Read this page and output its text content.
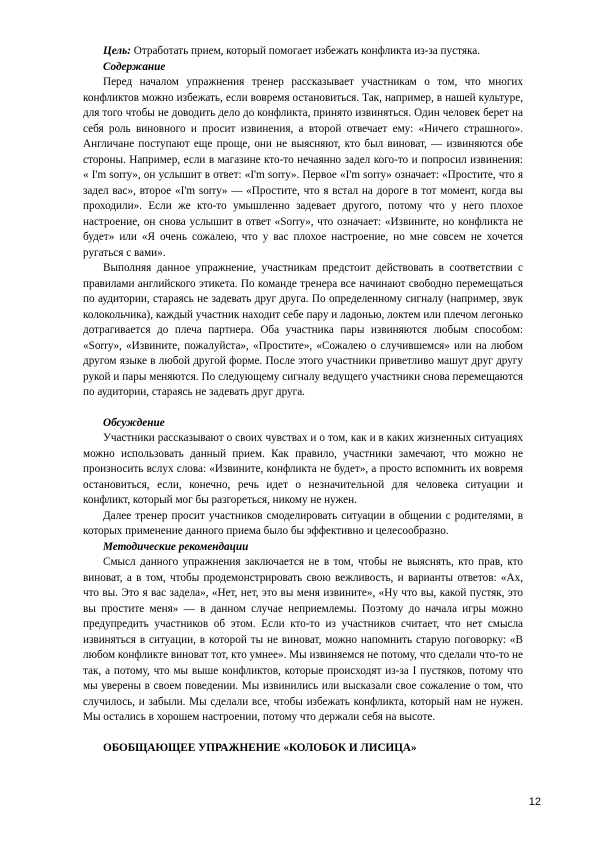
Цель: Отработать прием, который помогает избежать конфликта из-за пустяка.

Содержание

Перед началом упражнения тренер рассказывает участникам о том, что многих конфликтов можно избежать, если вовремя остановиться. Так, например, в нашей культуре, для того чтобы не доводить дело до конфликта, принято извиняться. Один человек берет на себя роль виновного и просит извинения, а второй отвечает ему: «Ничего страшного». Англичане поступают еще проще, они не выясняют, кто был виноват, — извиняются обе стороны. Например, если в магазине кто-то нечаянно задел кого-то и попросил извинения: « I'm sorry», он услышит в ответ: «I'm sorry». Первое «I'm sorry» означает: «Простите, что я задел вас», второе «I'm sorry» — «Простите, что я встал на дороге в тот момент, когда вы проходили». Если же кто-то умышленно задевает другого, потому что у него плохое настроение, он снова услышит в ответ «Sorry», что означает: «Извините, но конфликта не будет» или «Я очень сожалею, что у вас плохое настроение, но мне совсем не хочется ругаться с вами».

Выполняя данное упражнение, участникам предстоит действовать в соответствии с правилами английского этикета. По команде тренера все начинают свободно перемещаться по аудитории, стараясь не задевать друг друга. По определенному сигналу (например, звук колокольчика), каждый участник находит себе пару и ладонью, локтем или плечом легонько дотрагивается до плеча партнера. Оба участника пары извиняются любым способом: «Sorry», «Извините, пожалуйста», «Простите», «Сожалею о случившемся» или на любом другом языке в любой другой форме. После этого участники приветливо машут друг другу рукой и пары меняются. По следующему сигналу ведущего участники снова перемещаются по аудитории, стараясь не задевать друг друга.

Обсуждение

Участники рассказывают о своих чувствах и о том, как и в каких жизненных ситуациях можно использовать данный прием. Как правило, участники замечают, что можно не произносить вслух слова: «Извините, конфликта не будет», а просто вспомнить их вовремя остановиться, если, конечно, речь идет о незначительной для человека ситуации и конфликт, который мог бы разгореться, никому не нужен.

Далее тренер просит участников смоделировать ситуации в общении с родителями, в которых применение данного приема было бы эффективно и целесообразно.

Методические рекомендации

Смысл данного упражнения заключается не в том, чтобы не выяснять, кто прав, кто виноват, а в том, чтобы продемонстрировать свою вежливость, и варианты ответов: «Ах, что вы. Это я вас задела», «Нет, нет, это вы меня извините», «Ну что вы, какой пустяк, это вы простите меня» — в данном случае неприемлемы. Поэтому до начала игры можно предупредить участников об этом. Если кто-то из участников считает, что нет смысла извиняться в ситуации, в которой ты не виноват, можно напомнить старую поговорку: «В любом конфликте виноват тот, кто умнее». Мы извиняемся не потому, что сделали что-то не так, а потому, что мы выше конфликтов, которые происходят из-за I пустяков, потому что мы уверены в своем поведении. Мы извинились или высказали свое сожаление о том, что случилось, и забыли. Мы сделали все, чтобы избежать конфликта, который нам не нужен. Мы остались в хорошем настроении, потому что держали себя на высоте.

ОБОБЩАЮЩЕЕ УПРАЖНЕНИЕ «КОЛОБОК И ЛИСИЦА»

12
